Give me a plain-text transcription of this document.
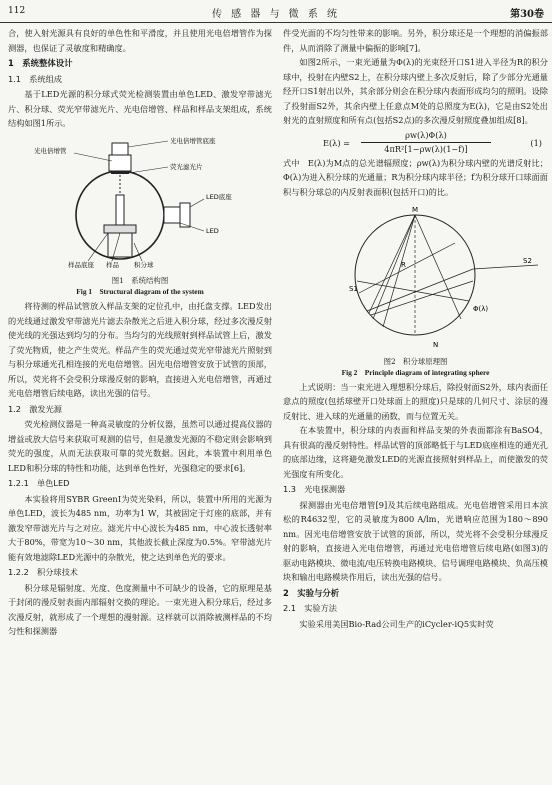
112	传 感 器 与 微 系 统	第30卷

合，使入射光源具有良好的单色性和平滑度，并且使用光电倍增管作为探测器，也保证了灵敏度和精确度。

1　系统整体设计
1.1　系统组成

基于LED光源的积分球式荧光检测装置由单色LED、激发窄带滤光片、积分球、荧光窄带滤光片、光电倍增管、样品和样品支架组成，系统结构如图1所示。

光电倍增管底座
光电倍增管
荧光滤光片
LED底座
LED
样品底座 样品 积分球
图1　系统结构图
Fig 1　Structural diagram of the system

将待测的样品试管放入样品支架的定位孔中，由托盘支撑。LED发出的光线通过激发窄带滤光片滤去杂散光之后进入积分球，经过多次漫反射使光线的光强达到均匀的分布。当均匀的光线照射到样品试管上后，激发了荧光物质，使之产生荧光。样品产生的荧光通过荧光窄带滤光片照射到与积分球通光孔相连接的光电倍增管。因光电倍增管安放于试管的顶部，所以，荧光将不会受积分球漫反射的影响，直接进入光电倍增管，再通过光电倍增管后续电路，读出光强的信号。

1.2　激发光源

荧光检测仪器是一种高灵敏度的分析仪器，虽然可以通过提高仪器的增益或放大信号来获取可观测的信号，但是激发光源的不稳定则会影响到荧光的强度，从而无法获取可靠的荧光数据。因此，本装置中利用单色LED和积分球的特性和功能，达到单色性好，光强稳定的要求[6]。

1.2.1　单色LED

本实验将用SYBR GreenⅠ为荧光染料，所以，装置中所用的光源为单色LED，波长为485 nm，功率为1 W，其被固定于灯座的底部，并有激发窄带滤光片与之对应。滤光片中心波长为485 nm，中心波长透射率大于80%，带宽为10～30 nm，其他波长截止深度为0.5%。窄带滤光片能有效地滤除LED光源中的杂散光，使之达到单色光的要求。

1.2.2　积分球技术

积分球是辐射度、光度、色度测量中不可缺少的设备，它的原理是基于封闭的漫反射表面内部辐射交换的理论。一束光进入积分球后，经过多次漫反射，就形成了一个理想的漫射源。这样就可以消除被测样品的不均匀性和探测器

件受光面的不均匀性带来的影响。另外，积分球还是一个理想的消偏振部件，从而消除了测量中偏振的影响[7]。

如图2所示，一束光通量为Φ(λ)的光束经开口S1进入半径为R的积分球中，投射在内壁S2上，在积分球内壁上多次反射后，除了少部分光通量经开口S1射出以外，其余部分则会在积分球内表面形成均匀的照明。设除了投射面S2外，其余内壁上任意点M处的总照度为E(λ)，它是由S2处出射光的直射照度和所有点(包括S2点)的多次漫反射照度叠加组成[8]。

$E(\lambda) = \frac{\rho w(\lambda)\Phi(\lambda)}{\text{4πR²[1−ρw(λ)(1−f)]}}$	(1)

式中　E(λ)为M点的总光谱辐照度；ρw(λ)为积分球内壁的光谱反射比；Φ(λ)为进入积分球的光通量；R为积分球内球半径；f为积分球开口球面面积与积分球总的内反射表面积(包括开口)的比。

M
R
S1
S2
N
Φ(λ)
图2　积分球原理图
Fig 2　Principle diagram of integrating sphere

上式说明：当一束光进入理想积分球后，除投射面S2外，球内表面任意点的照度(包括球壁开口处球面上的照度)只是球的几何尺寸、涂层的漫反射比、进入球的光通量的函数，而与位置无关。

在本装置中，积分球的内表面和样品支架的外表面都涂有BaSO4，具有很高的漫反射特性。样品试管的顶部略低于与LED底座相连的通光孔的底部边缘，这将避免激发LED的光源直接照射到样品上，而使激发的荧光强度有所变化。

1.3　光电探测器

探测器由光电倍增管[9]及其后续电路组成。光电倍增管采用日本滨松的R4632型，它的灵敏度为800 A/lm，光谱响应范围为180～890 nm。因光电倍增管安放于试管的顶部，所以，荧光将不会受积分球漫反射的影响，直接进入光电倍增管，再通过光电倍增管后续电路(如图3)的驱动电路模块、微电流/电压转换电路模块、信号调理电路模块、负高压模块和输出电路模块作用后，读出光强的信号。

2　实验与分析
2.1　实验方法

实验采用美国Bio-Rad公司生产的iCycler-iQ5实时荧
